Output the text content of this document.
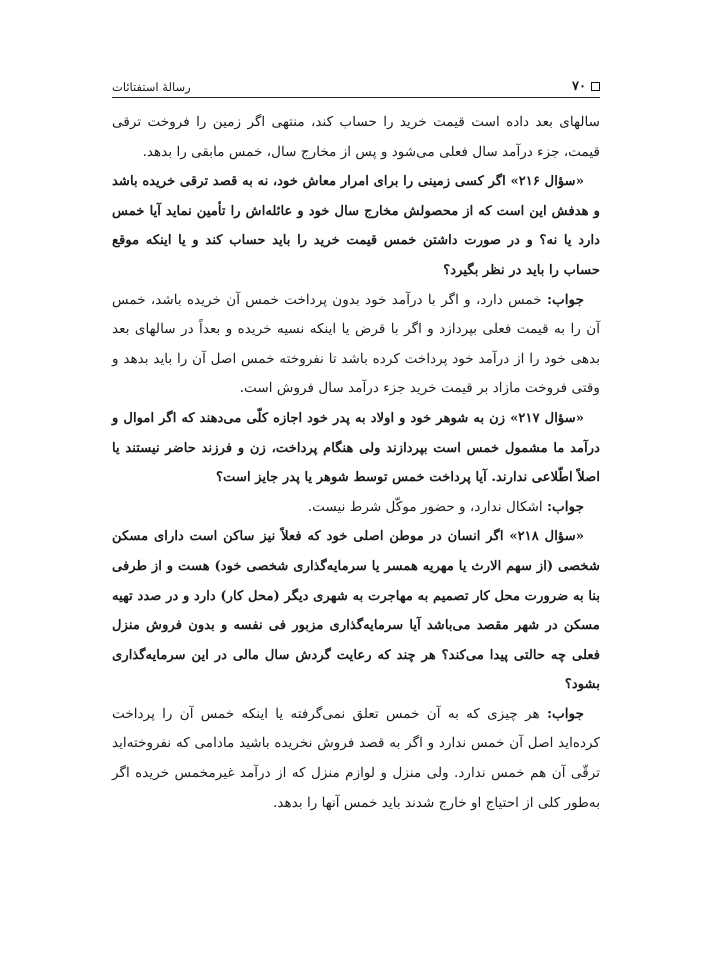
۷۰
رسالهٔ استفتائات

سالهای بعد داده است قیمت خرید را حساب کند، منتهی اگر زمین را فروخت ترقی قیمت، جزء درآمد سال فعلی می‌شود و پس از مخارج سال، خمس مابقی را بدهد.

«سؤال ۲۱۶» اگر کسی زمینی را برای امرار معاش خود، نه به قصد ترقی خریده باشد و هدفش این است که از محصولش مخارج سال خود و عائله‌اش را تأمین نماید آیا خمس دارد یا نه؟ و در صورت داشتن خمس قیمت خرید را باید حساب کند و یا اینکه موقع حساب را باید در نظر بگیرد؟

جواب: خمس دارد، و اگر با درآمد خود بدون پرداخت خمس آن خریده باشد، خمس آن را به قیمت فعلی بپردازد و اگر با قرض یا اینکه نسیه خریده و بعداً در سالهای بعد بدهی خود را از درآمد خود پرداخت کرده باشد تا نفروخته خمس اصل آن را باید بدهد و وقتی فروخت مازاد بر قیمت خرید جزء درآمد سال فروش است.

«سؤال ۲۱۷» زن به شوهر خود و اولاد به پدر خود اجازه کلّی می‌دهند که اگر اموال و درآمد ما مشمول خمس است بپردازند ولی هنگام پرداخت، زن و فرزند حاضر نیستند یا اصلاً اطّلاعی ندارند. آیا پرداخت خمس توسط شوهر یا پدر جایز است؟

جواب: اشکال ندارد، و حضور موکّل شرط نیست.

«سؤال ۲۱۸» اگر انسان در موطن اصلی خود که فعلاً نیز ساکن است دارای مسکن شخصی (از سهم الارث یا مهریه همسر یا سرمایه‌گذاری شخصی خود) هست و از طرفی بنا به ضرورت محل کار تصمیم به مهاجرت به شهری دیگر (محل کار) دارد و در صدد تهیه مسکن در شهر مقصد می‌باشد آیا سرمایه‌گذاری مزبور فی نفسه و بدون فروش منزل فعلی چه حالتی پیدا می‌کند؟ هر چند که رعایت گردش سال مالی در این سرمایه‌گذاری بشود؟

جواب: هر چیزی که به آن خمس تعلق نمی‌گرفته یا اینکه خمس آن را پرداخت کرده‌اید اصل آن خمس ندارد و اگر به قصد فروش نخریده باشید مادامی که نفروخته‌اید ترقّی آن هم خمس ندارد. ولی منزل و لوازم منزل که از درآمد غیرمخمس خریده اگر به‌طور کلی از احتیاج او خارج شدند باید خمس آنها را بدهد.
